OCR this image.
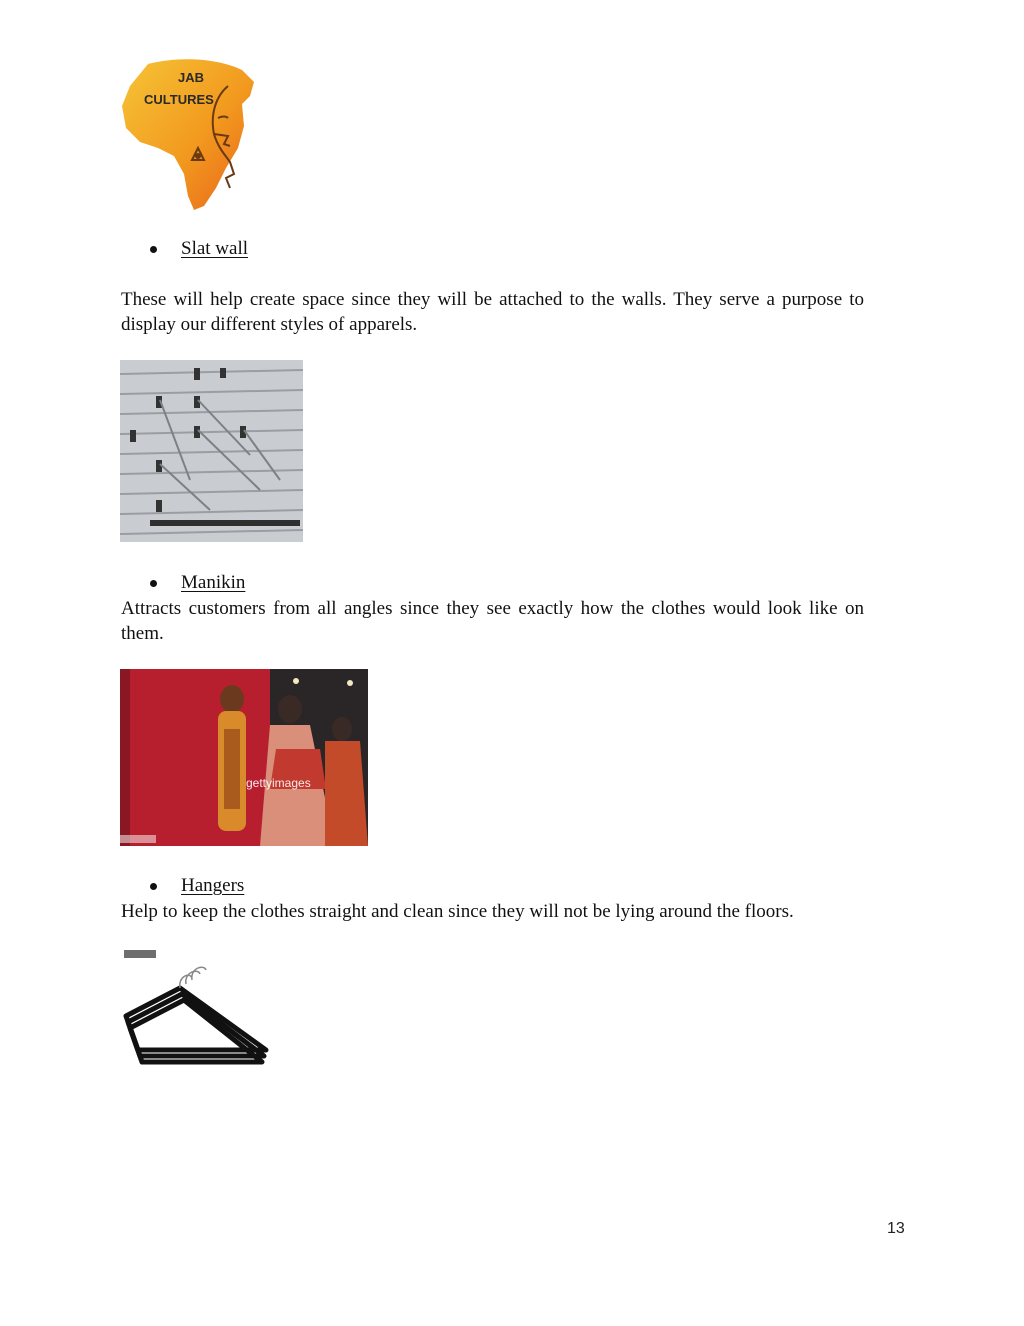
JAB
CULTURES
Slat wall

These will help create space since they will be attached to the walls. They serve a purpose to display our different styles of apparels.

Manikin

Attracts customers from all angles since they see exactly how the clothes would look like on them.

gettyimages
Hangers

Help to keep the clothes straight and clean since they will not be lying around the floors.

13
